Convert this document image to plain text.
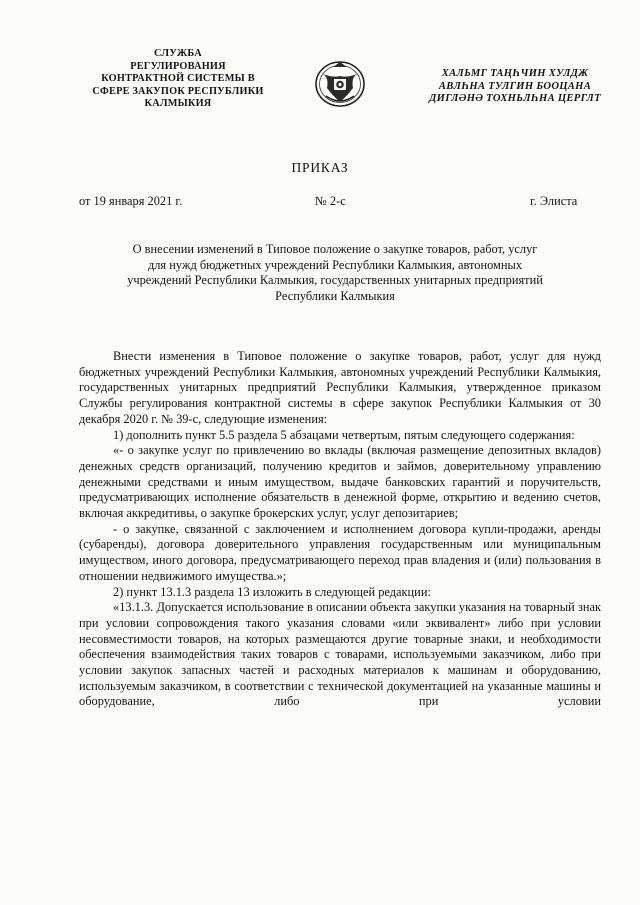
СЛУЖБА
РЕГУЛИРОВАНИЯ
КОНТРАКТНОЙ СИСТЕМЫ В
СФЕРЕ ЗАКУПОК РЕСПУБЛИКИ
КАЛМЫКИЯ
ХАЛЬМГ ТАҢҺЧИН ХУЛДЖ
АВЛҺНА ТУЛГИН БООЦАНА
ДИГЛӘНӘ ТОХНЬЛҺНА ЦЕРГЛТ
ПРИКАЗ
от 19 января 2021 г.	№ 2-с	г. Элиста
О внесении изменений в Типовое положение о закупке товаров, работ, услуг
для нужд бюджетных учреждений Республики Калмыкия, автономных
учреждений Республики Калмыкия, государственных унитарных предприятий
Республики Калмыкия

Внести изменения в Типовое положение о закупке товаров, работ, услуг для нужд бюджетных учреждений Республики Калмыкия, автономных учреждений Республики Калмыкия, государственных унитарных предприятий Республики Калмыкия, утвержденное приказом Службы регулирования контрактной системы в сфере закупок Республики Калмыкия от 30 декабря 2020 г. № 39-с, следующие изменения:

1) дополнить пункт 5.5 раздела 5 абзацами четвертым, пятым следующего содержания:

«- о закупке услуг по привлечению во вклады (включая размещение депозитных вкладов) денежных средств организаций, получению кредитов и займов, доверительному управлению денежными средствами и иным имуществом, выдаче банковских гарантий и поручительств, предусматривающих исполнение обязательств в денежной форме, открытию и ведению счетов, включая аккредитивы, о закупке брокерских услуг, услуг депозитариев;

- о закупке, связанной с заключением и исполнением договора купли-продажи, аренды (субаренды), договора доверительного управления государственным или муниципальным имуществом, иного договора, предусматривающего переход прав владения и (или) пользования в отношении недвижимого имущества.»;

2) пункт 13.1.3 раздела 13 изложить в следующей редакции:

«13.1.3. Допускается использование в описании объекта закупки указания на товарный знак при условии сопровождения такого указания словами «или эквивалент» либо при условии несовместимости товаров, на которых размещаются другие товарные знаки, и необходимости обеспечения взаимодействия таких товаров с товарами, используемыми заказчиком, либо при условии закупок запасных частей и расходных материалов к машинам и оборудованию, используемым заказчиком, в соответствии с технической документацией на указанные машины и оборудование, либо при условии
